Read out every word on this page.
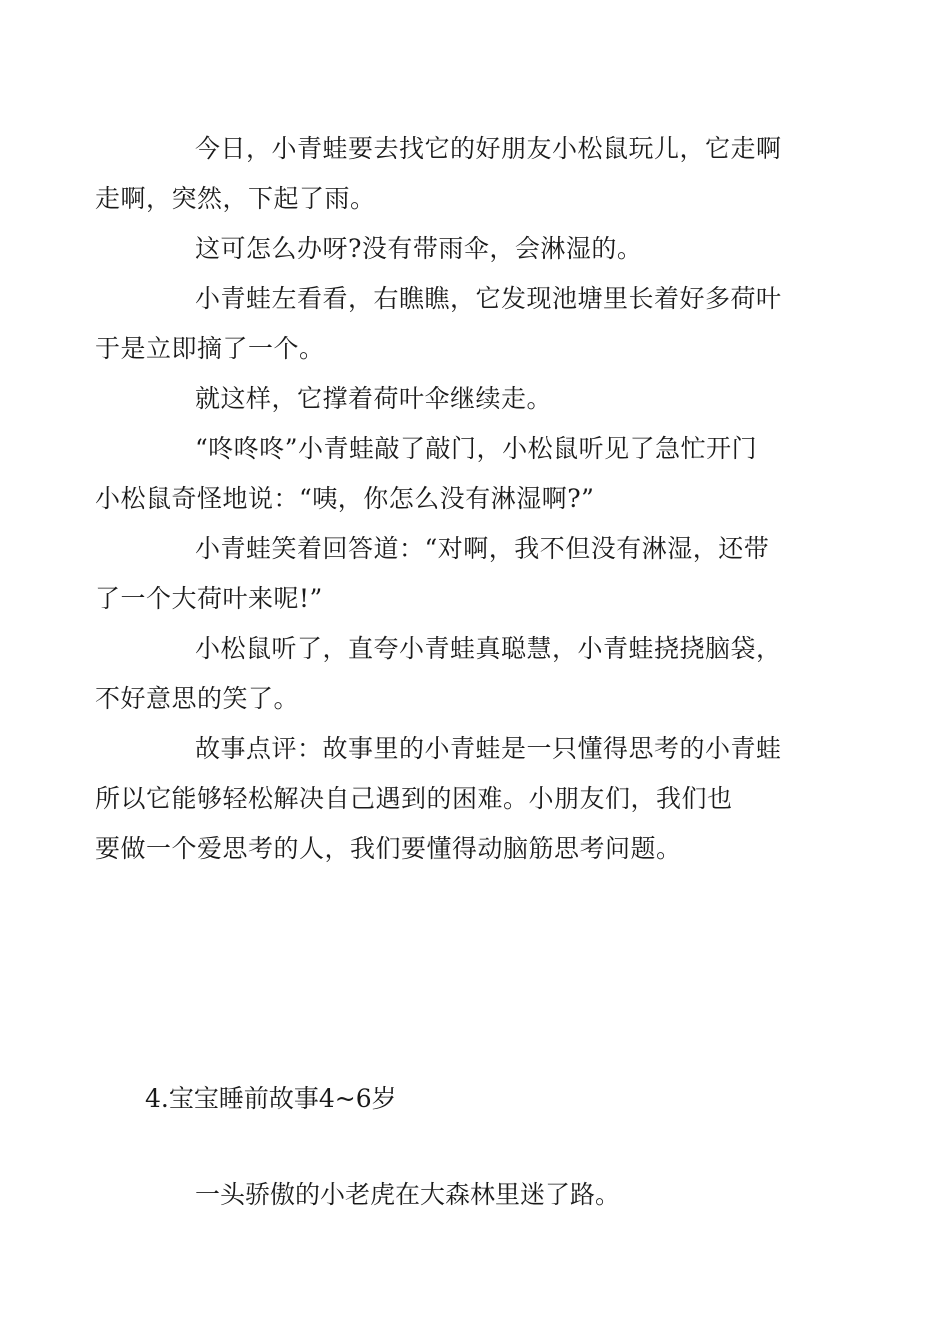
今日，小青蛙要去找它的好朋友小松鼠玩儿，它走啊
走啊，突然，下起了雨。

这可怎么办呀?没有带雨伞，会淋湿的。

小青蛙左看看，右瞧瞧，它发现池塘里长着好多荷叶
于是立即摘了一个。

就这样，它撑着荷叶伞继续走。

“咚咚咚”小青蛙敲了敲门，小松鼠听见了急忙开门
小松鼠奇怪地说：“咦，你怎么没有淋湿啊?”

小青蛙笑着回答道：“对啊，我不但没有淋湿，还带
了一个大荷叶来呢!”

小松鼠听了，直夸小青蛙真聪慧，小青蛙挠挠脑袋，
不好意思的笑了。

故事点评：故事里的小青蛙是一只懂得思考的小青蛙
所以它能够轻松解决自己遇到的困难。小朋友们，我们也
要做一个爱思考的人，我们要懂得动脑筋思考问题。

4.宝宝睡前故事4~6岁

一头骄傲的小老虎在大森林里迷了路。
